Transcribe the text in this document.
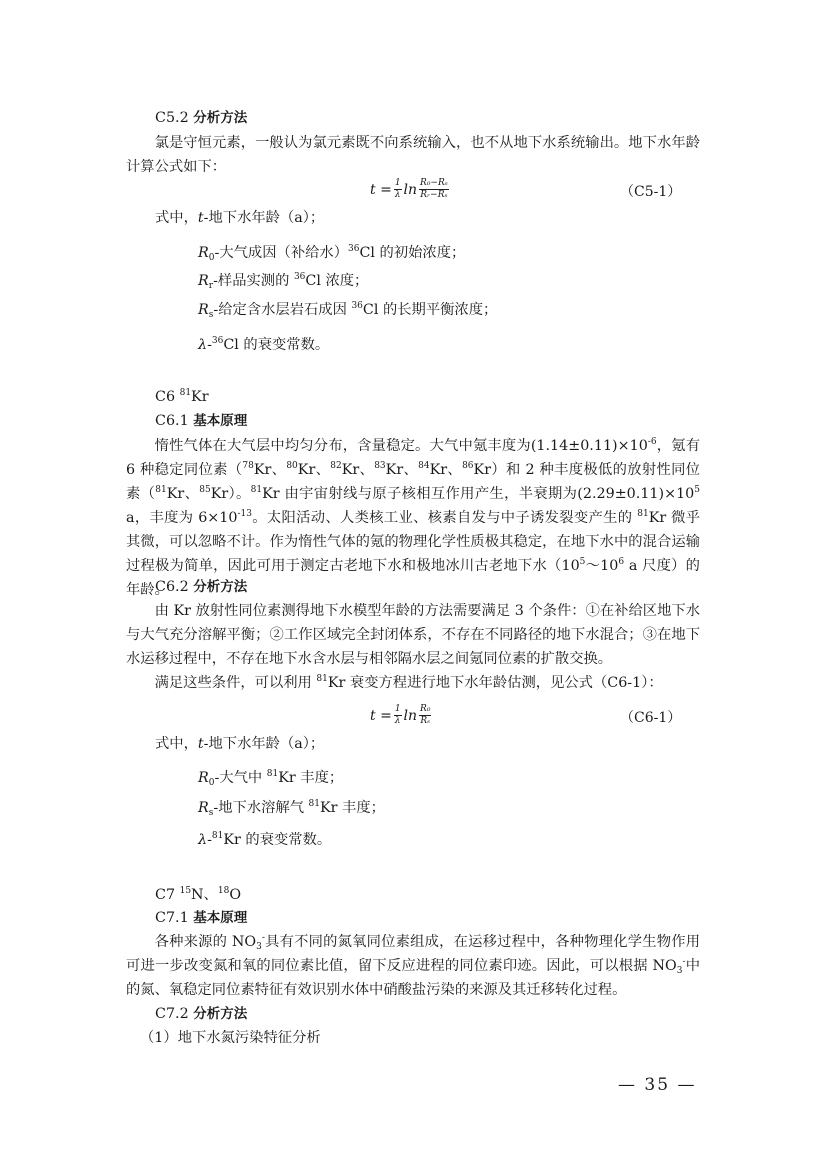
C5.2 分析方法
氯是守恒元素，一般认为氯元素既不向系统输入，也不从地下水系统输出。地下水年龄计算公式如下：
$t = \frac{1}{\lambda}$ $\ln \frac{\text{R₀−Rₛ}}{\text{Rᵣ−Rₛ}}$	（C5-1）
式中，t-地下水年龄（a）；
$R_0-$大气成因（补给水）$^{36}$Cl 的初始浓度；
$R_r-$样品实测的 $^{36}$Cl 浓度；
$R_s-$给定含水层岩石成因 $^{36}$Cl 的长期平衡浓度；
λ-$^{36}$Cl 的衰变常数。
C6 $^{81}$Kr
C6.1 基本原理
惰性气体在大气层中均匀分布，含量稳定。大气中氪丰度为$(1.14\pm 0.11)\times 10^{-6}$，氪有 6 种稳定同位素（$^{78}$Kr、$^{80}$Kr、$^{82}$Kr、$^{83}$Kr、$^{84}$Kr、$^{86}$Kr）和 2 种丰度极低的放射性同位素（$^{81}$Kr、$^{85}$Kr）。$^{81}$Kr 由宇宙射线与原子核相互作用产生，半衰期为$(2.29\pm 0.11)\times 10^5$ a，丰度为 $6\times 10^{-13}$。太阳活动、人类核工业、核素自发与中子诱发裂变产生的 $^{81}$Kr 微乎其微，可以忽略不计。作为惰性气体的氪的物理化学性质极其稳定，在地下水中的混合运输过程极为简单，因此可用于测定古老地下水和极地冰川古老地下水（$10^5\sim 10^6$ a 尺度）的年龄。
C6.2 分析方法
由 Kr 放射性同位素测得地下水模型年龄的方法需要满足 3 个条件：①在补给区地下水与大气充分溶解平衡；②工作区域完全封闭体系，不存在不同路径的地下水混合；③在地下水运移过程中，不存在地下水含水层与相邻隔水层之间氪同位素的扩散交换。
满足这些条件，可以利用 $^{81}$Kr 衰变方程进行地下水年龄估测，见公式（C6-1）：
$t = \frac{1}{\lambda}$ $\ln \frac{\text{R₀}}{\text{Rₛ}}$	（C6-1）
式中，t-地下水年龄（a）；
$R_0-$大气中 $^{81}$Kr 丰度；
$R_s-$地下水溶解气 $^{81}$Kr 丰度；
λ-$^{81}$Kr 的衰变常数。
C7 $^{15}$N、$^{18}$O
C7.1 基本原理
各种来源的 $NO_3^-$具有不同的氮氧同位素组成，在运移过程中，各种物理化学生物作用可进一步改变氮和氧的同位素比值，留下反应进程的同位素印迹。因此，可以根据 $NO_3^-$中的氮、氧稳定同位素特征有效识别水体中硝酸盐污染的来源及其迁移转化过程。
C7.2 分析方法
（1）地下水氮污染特征分析
— 35 —
